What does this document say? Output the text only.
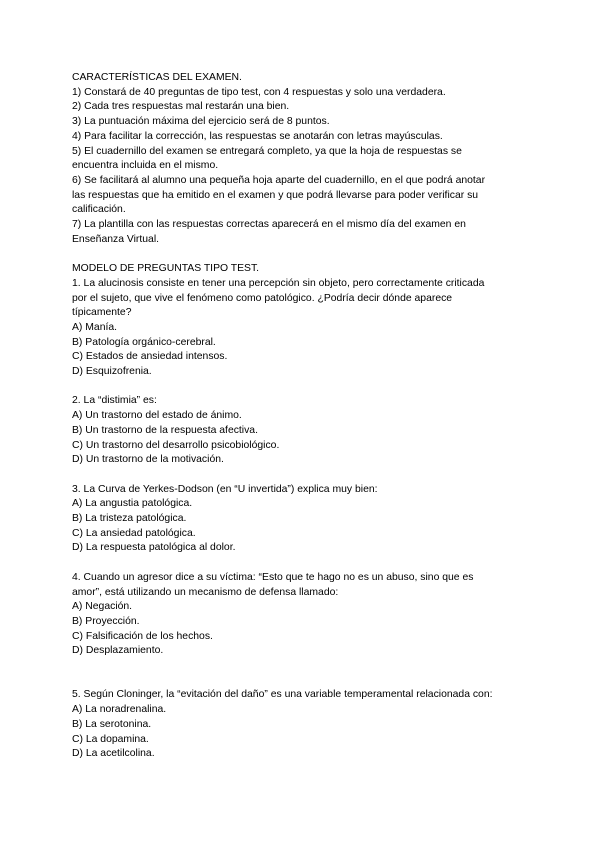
CARACTERÍSTICAS DEL EXAMEN.
1) Constará de 40 preguntas de tipo test, con 4 respuestas y solo una verdadera.
2) Cada tres respuestas mal restarán una bien.
3) La puntuación máxima del ejercicio será de 8 puntos.
4) Para facilitar la corrección, las respuestas se anotarán con letras mayúsculas.
5) El cuadernillo del examen se entregará completo, ya que la hoja de respuestas se
encuentra incluida en el mismo.
6) Se facilitará al alumno una pequeña hoja aparte del cuadernillo, en el que podrá anotar
las respuestas que ha emitido en el examen y que podrá llevarse para poder verificar su
calificación.
7) La plantilla con las respuestas correctas aparecerá en el mismo día del examen en
Enseñanza Virtual.
MODELO DE PREGUNTAS TIPO TEST.
1. La alucinosis consiste en tener una percepción sin objeto, pero correctamente criticada
por el sujeto, que vive el fenómeno como patológico. ¿Podría decir dónde aparece
típicamente?
A) Manía.
B) Patología orgánico-cerebral.
C) Estados de ansiedad intensos.
D) Esquizofrenia.
2. La “distimia” es:
A) Un trastorno del estado de ánimo.
B) Un trastorno de la respuesta afectiva.
C) Un trastorno del desarrollo psicobiológico.
D) Un trastorno de la motivación.
3. La Curva de Yerkes-Dodson (en “U invertida”) explica muy bien:
A) La angustia patológica.
B) La tristeza patológica.
C) La ansiedad patológica.
D) La respuesta patológica al dolor.
4. Cuando un agresor dice a su víctima: “Esto que te hago no es un abuso, sino que es
amor”, está utilizando un mecanismo de defensa llamado:
A) Negación.
B) Proyección.
C) Falsificación de los hechos.
D) Desplazamiento.
5. Según Cloninger, la “evitación del daño” es una variable temperamental relacionada con:
A) La noradrenalina.
B) La serotonina.
C) La dopamina.
D) La acetilcolina.
